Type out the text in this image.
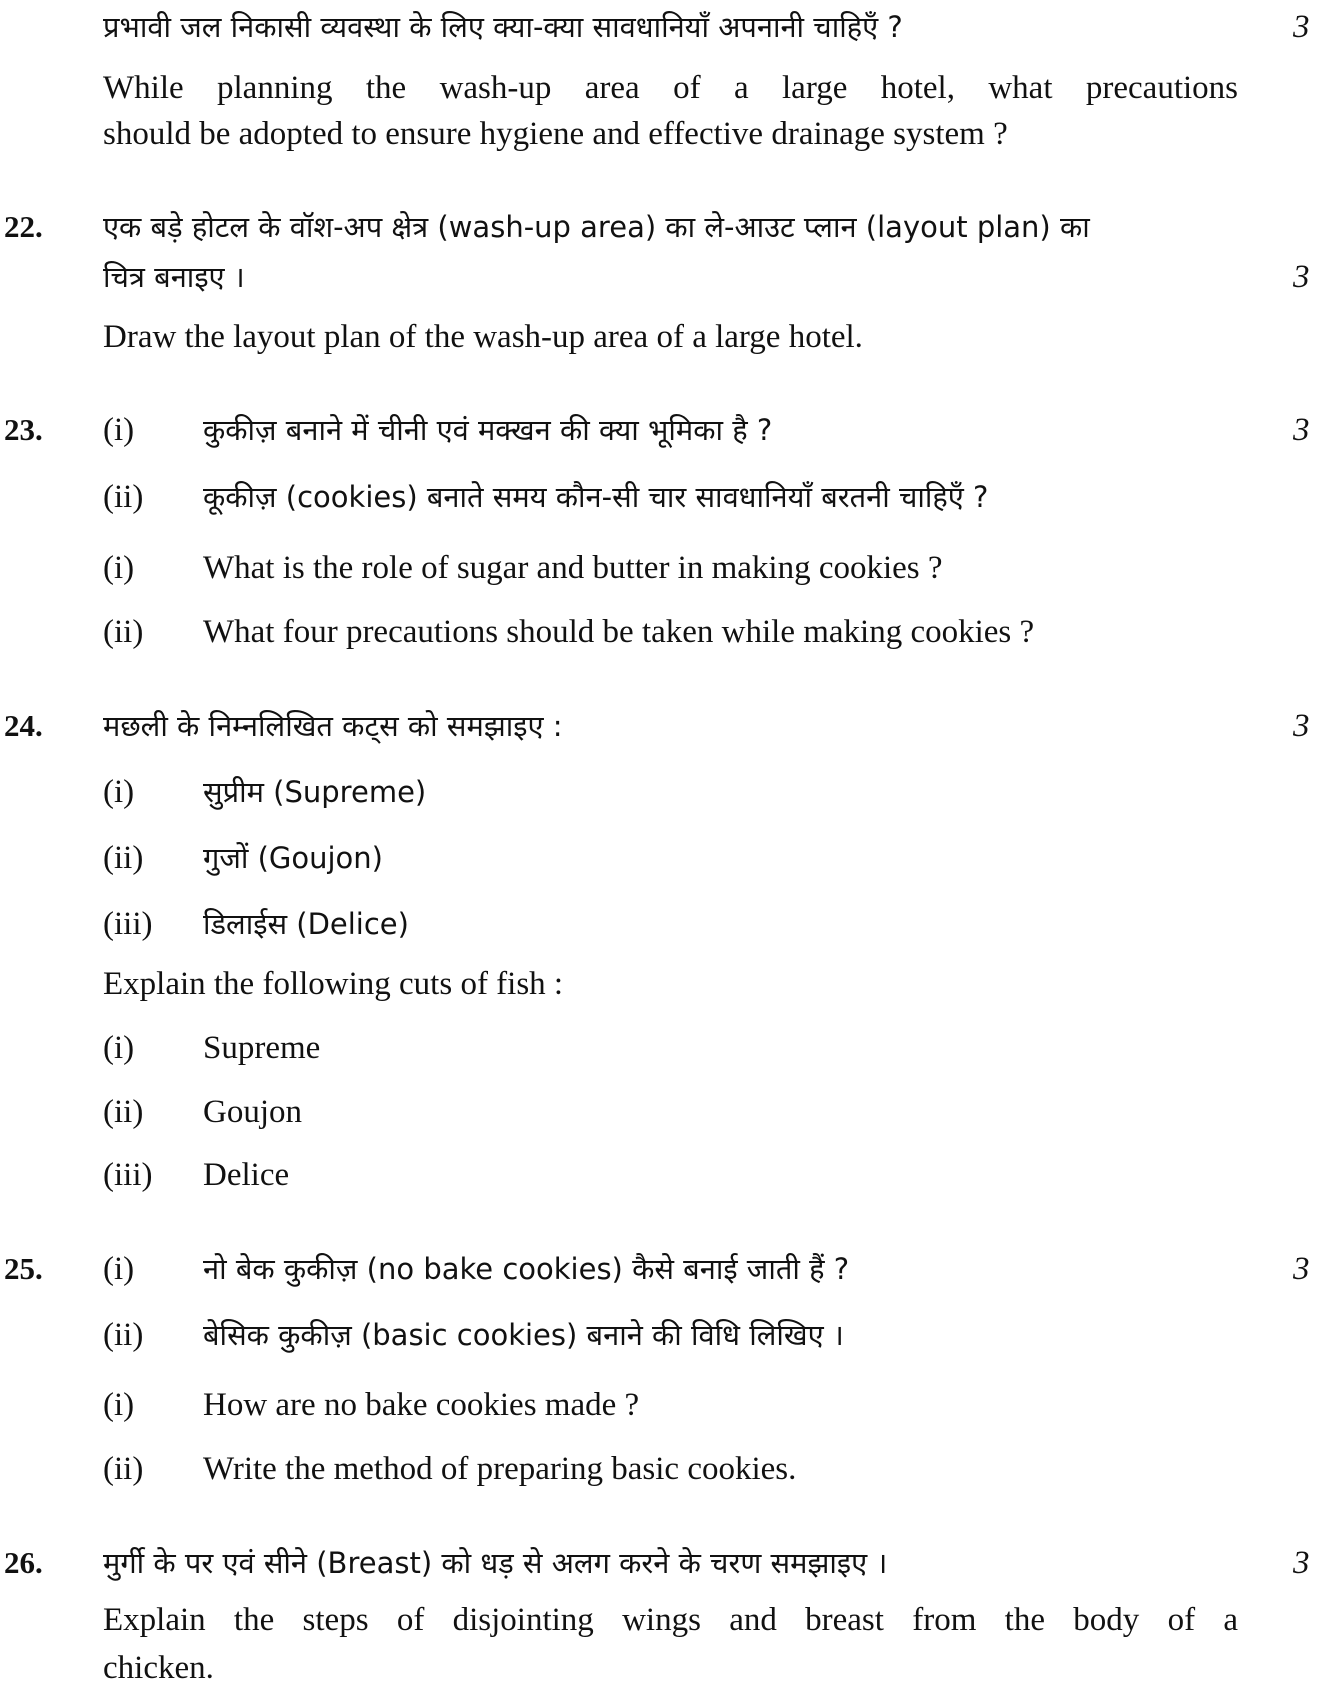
प्रभावी जल निकासी व्यवस्था के लिए क्या-क्या सावधानियाँ अपनानी चाहिएँ ?	3
While planning the wash-up area of a large hotel, what precautions
should be adopted to ensure hygiene and effective drainage system ?
22. एक बड़े होटल के वॉश-अप क्षेत्र (wash-up area) का ले-आउट प्लान (layout plan) का
चित्र बनाइए ।	3
Draw the layout plan of the wash-up area of a large hotel.
23.	3
(i) कुकीज़ बनाने में चीनी एवं मक्खन की क्या भूमिका है ?
(ii) कूकीज़ (cookies) बनाते समय कौन-सी चार सावधानियाँ बरतनी चाहिएँ ?
(i) What is the role of sugar and butter in making cookies ?
(ii) What four precautions should be taken while making cookies ?
24. मछली के निम्नलिखित कट्स को समझाइए :	3
(i) सुप्रीम (Supreme)
(ii) गुजों (Goujon)
(iii) डिलाईस (Delice)
Explain the following cuts of fish :
(i) Supreme
(ii) Goujon
(iii) Delice
25.	3
(i) नो बेक कुकीज़ (no bake cookies) कैसे बनाई जाती हैं ?
(ii) बेसिक कुकीज़ (basic cookies) बनाने की विधि लिखिए ।
(i) How are no bake cookies made ?
(ii) Write the method of preparing basic cookies.
26. मुर्गी के पर एवं सीने (Breast) को धड़ से अलग करने के चरण समझाइए ।	3
Explain the steps of disjointing wings and breast from the body of a
chicken.
